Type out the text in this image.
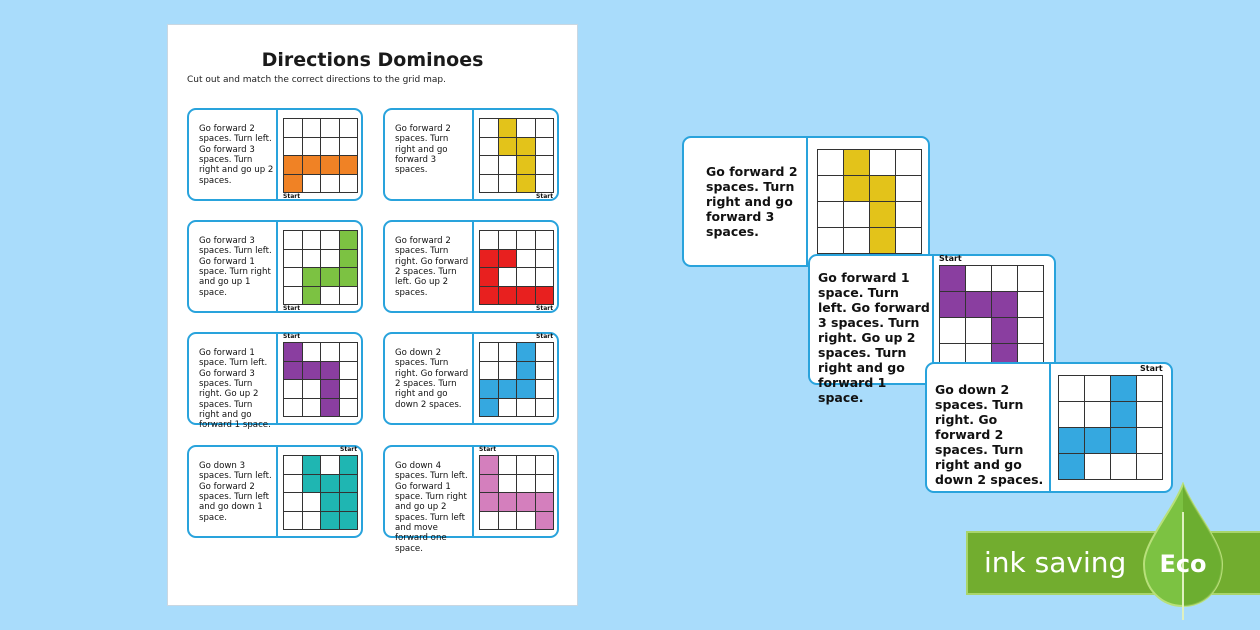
Directions Dominoes
Cut out and match the correct directions to the grid map.
Go forward 2 spaces. Turn left. Go forward 3 spaces. Turn right and go up 2 spaces.
Start
Go forward 2 spaces. Turn right and go forward 3 spaces.
Start
Go forward 3 spaces. Turn left. Go forward 1 space. Turn right and go up 1 space.
Start
Go forward 2 spaces. Turn right. Go forward 2 spaces. Turn left. Go up 2 spaces.
Start
Go forward 1 space. Turn left. Go forward 3 spaces. Turn right. Go up 2 spaces. Turn right and go forward 1 space.
Start
Go down 2 spaces. Turn right. Go forward 2 spaces. Turn right and go down 2 spaces.
Start
Go down 3 spaces. Turn left. Go forward 2 spaces. Turn left and go down 1 space.
Start
Go down 4 spaces. Turn left. Go forward 1 space. Turn right and go up 2 spaces. Turn left and move forward one space.
Start
Go forward 2 spaces. Turn right and go forward 3 spaces.
Go forward 1 space. Turn left. Go forward 3 spaces. Turn right. Go up 2 spaces. Turn right and go forward 1 space.
Start
Go down 2 spaces. Turn right. Go forward 2 spaces. Turn right and go down 2 spaces.
Start
ink saving Eco
